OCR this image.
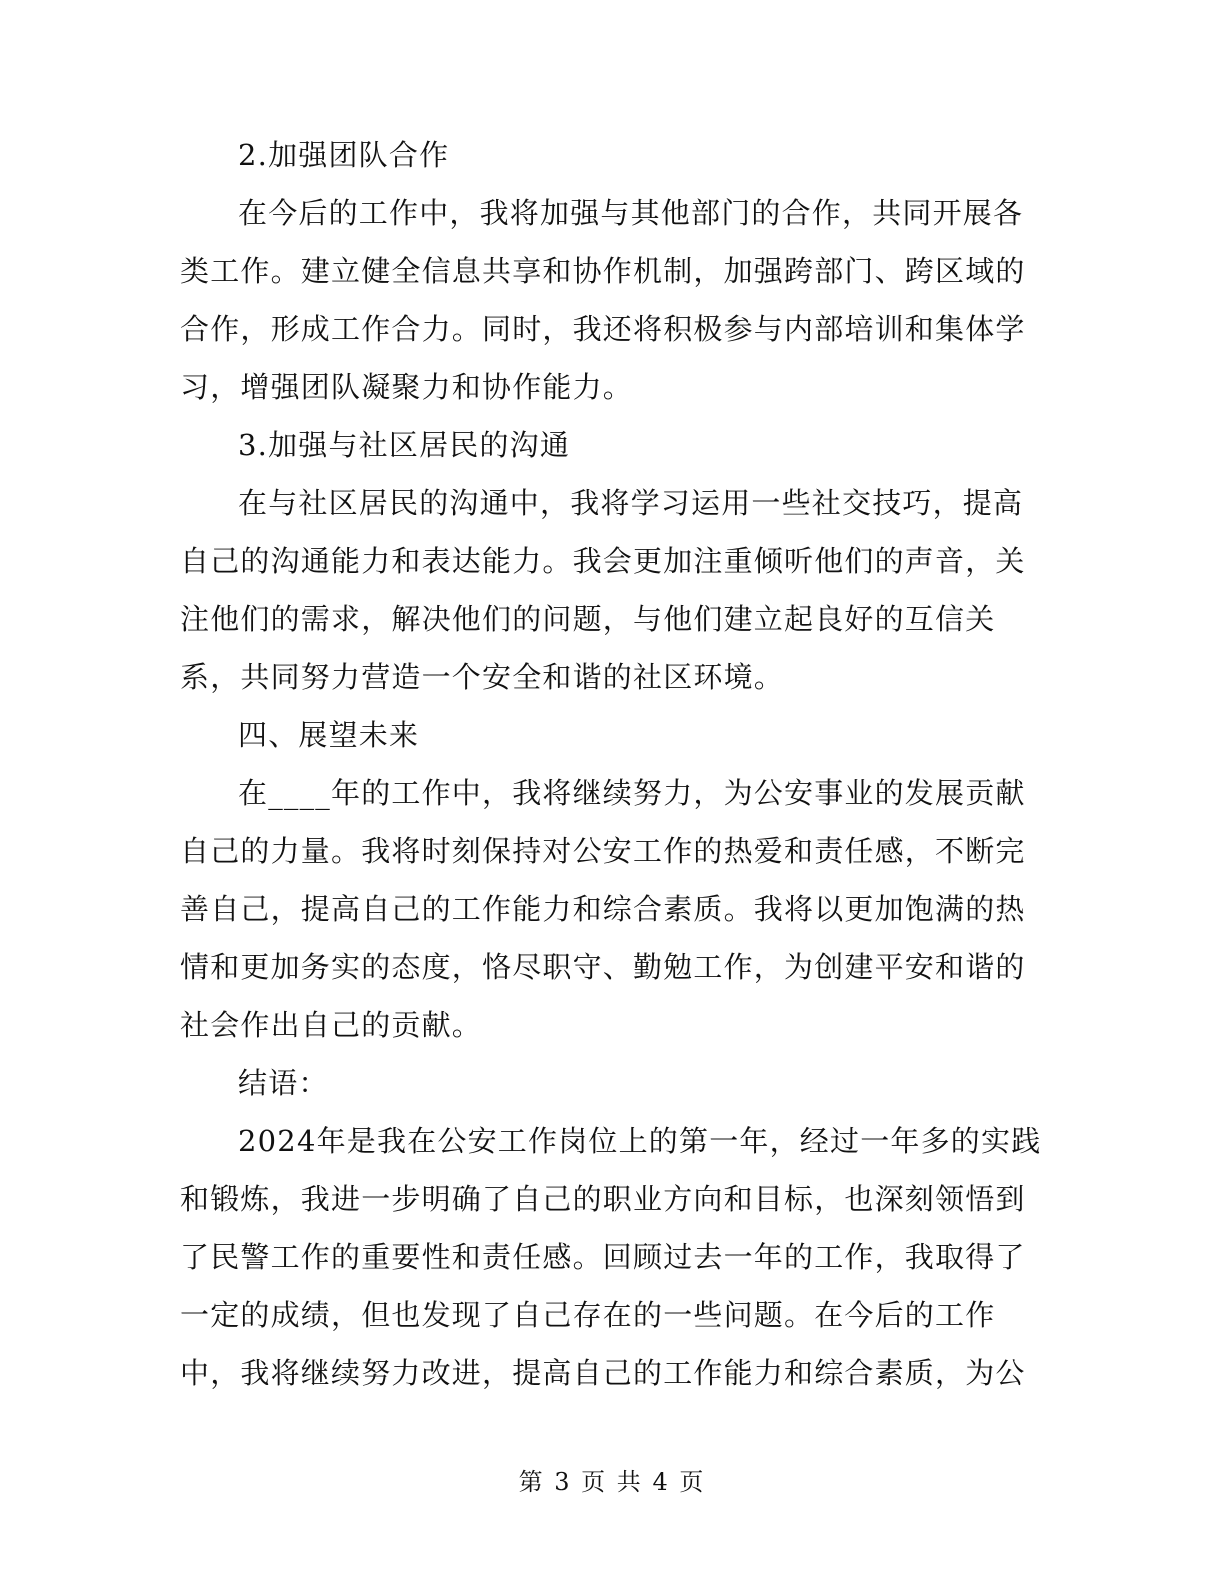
2.加强团队合作
在今后的工作中，我将加强与其他部门的合作，共同开展各
类工作。建立健全信息共享和协作机制，加强跨部门、跨区域的
合作，形成工作合力。同时，我还将积极参与内部培训和集体学
习，增强团队凝聚力和协作能力。
3.加强与社区居民的沟通
在与社区居民的沟通中，我将学习运用一些社交技巧，提高
自己的沟通能力和表达能力。我会更加注重倾听他们的声音，关
注他们的需求，解决他们的问题，与他们建立起良好的互信关
系，共同努力营造一个安全和谐的社区环境。
四、展望未来
在____年的工作中，我将继续努力，为公安事业的发展贡献
自己的力量。我将时刻保持对公安工作的热爱和责任感，不断完
善自己，提高自己的工作能力和综合素质。我将以更加饱满的热
情和更加务实的态度，恪尽职守、勤勉工作，为创建平安和谐的
社会作出自己的贡献。
结语：
2024年是我在公安工作岗位上的第一年，经过一年多的实践
和锻炼，我进一步明确了自己的职业方向和目标，也深刻领悟到
了民警工作的重要性和责任感。回顾过去一年的工作，我取得了
一定的成绩，但也发现了自己存在的一些问题。在今后的工作
中，我将继续努力改进，提高自己的工作能力和综合素质，为公
第 3 页 共 4 页
